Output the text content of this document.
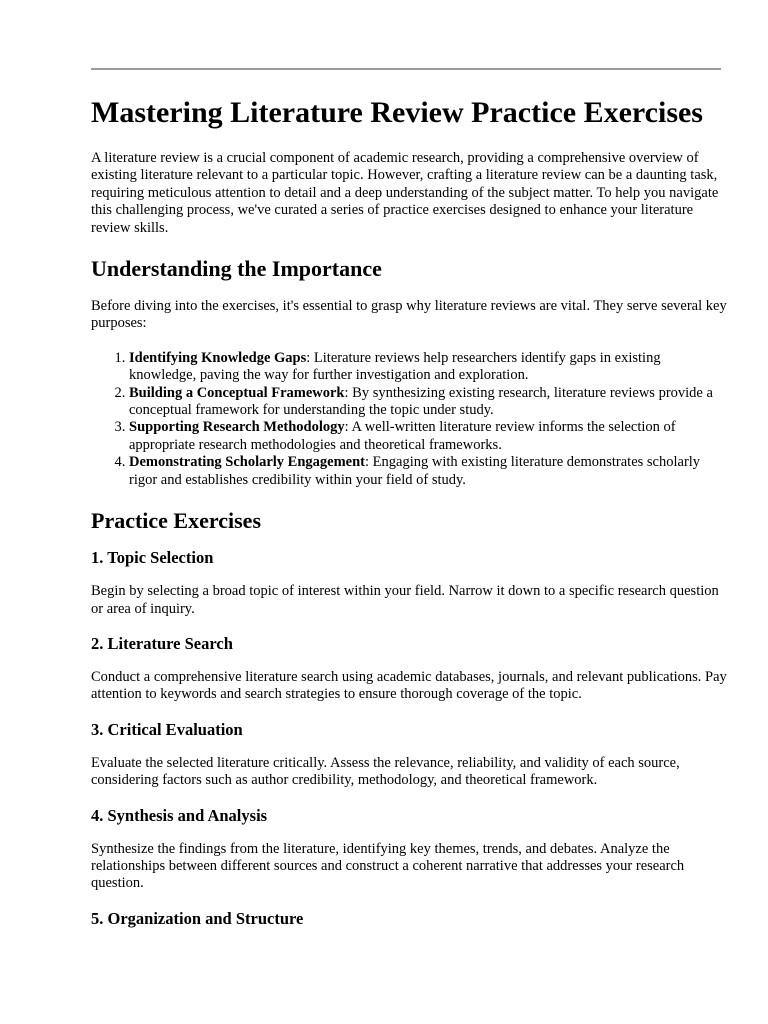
Mastering Literature Review Practice Exercises

A literature review is a crucial component of academic research, providing a comprehensive overview of existing literature relevant to a particular topic. However, crafting a literature review can be a daunting task, requiring meticulous attention to detail and a deep understanding of the subject matter. To help you navigate this challenging process, we've curated a series of practice exercises designed to enhance your literature review skills.

Understanding the Importance

Before diving into the exercises, it's essential to grasp why literature reviews are vital. They serve several key purposes:

1. Identifying Knowledge Gaps: Literature reviews help researchers identify gaps in existing knowledge, paving the way for further investigation and exploration.
2. Building a Conceptual Framework: By synthesizing existing research, literature reviews provide a conceptual framework for understanding the topic under study.
3. Supporting Research Methodology: A well-written literature review informs the selection of appropriate research methodologies and theoretical frameworks.
4. Demonstrating Scholarly Engagement: Engaging with existing literature demonstrates scholarly rigor and establishes credibility within your field of study.
Practice Exercises
1. Topic Selection

Begin by selecting a broad topic of interest within your field. Narrow it down to a specific research question or area of inquiry.

2. Literature Search

Conduct a comprehensive literature search using academic databases, journals, and relevant publications. Pay attention to keywords and search strategies to ensure thorough coverage of the topic.

3. Critical Evaluation

Evaluate the selected literature critically. Assess the relevance, reliability, and validity of each source, considering factors such as author credibility, methodology, and theoretical framework.

4. Synthesis and Analysis

Synthesize the findings from the literature, identifying key themes, trends, and debates. Analyze the relationships between different sources and construct a coherent narrative that addresses your research question.

5. Organization and Structure
